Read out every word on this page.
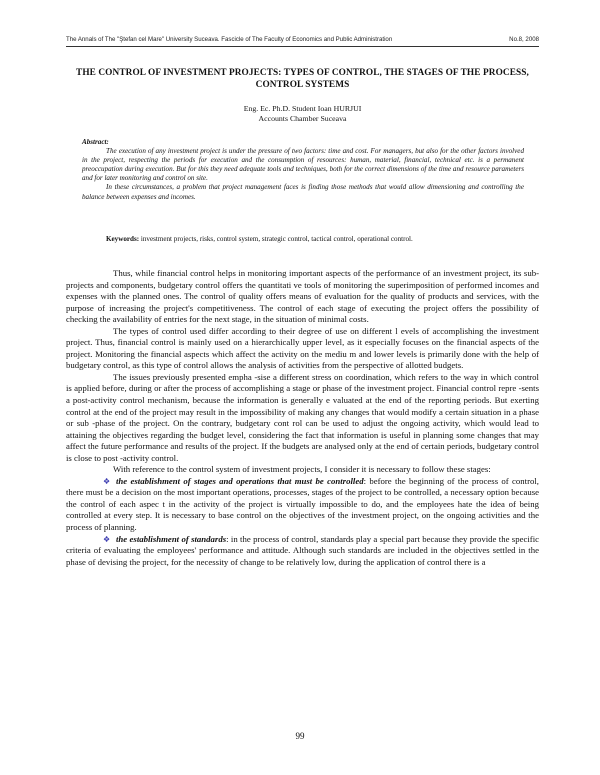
The Annals of The "Ştefan cel Mare" University Suceava. Fascicle of The Faculty of Economics and Public Administration	No.8, 2008
THE CONTROL OF INVESTMENT PROJECTS: TYPES OF CONTROL, THE STAGES OF THE PROCESS, CONTROL SYSTEMS
Eng. Ec. Ph.D. Student Ioan HURJUI
Accounts Chamber Suceava
Abstract:

The execution of any investment project is under the pressure of two factors: time and cost. For managers, but also for the other factors involved in the project, respecting the periods for execution and the consumption of resources: human, material, financial, technical etc. is a permanent preoccupation during execution. But for this they need adequate tools and techniques, both for the correct dimensions of the time and resource parameters and for later monitoring and control on site.

In these circumstances, a problem that project management faces is finding those methods that would allow dimensioning and controlling the balance between expenses and incomes.

Keywords: investment projects, risks, control system, strategic control, tactical control, operational control.

Thus, while financial control helps in monitoring important aspects of the performance of an investment project, its sub-projects and components, budgetary control offers the quantitati ve tools of monitoring the superimposition of performed incomes and expenses with the planned ones. The control of quality offers means of evaluation for the quality of products and services, with the purpose of increasing the project's competitiveness. The control of each stage of executing the project offers the possibility of checking the availability of entries for the next stage, in the situation of minimal costs.

The types of control used differ according to their degree of use on different l evels of accomplishing the investment project. Thus, financial control is mainly used on a hierarchically upper level, as it especially focuses on the financial aspects of the project. Monitoring the financial aspects which affect the activity on the mediu m and lower levels is primarily done with the help of budgetary control, as this type of control allows the analysis of activities from the perspective of allotted budgets.

The issues previously presented empha -sise a different stress on coordination, which refers to the way in which control is applied before, during or after the process of accomplishing a stage or phase of the investment project. Financial control repre -sents a post-activity control mechanism, because the information is generally e valuated at the end of the reporting periods. But exerting control at the end of the project may result in the impossibility of making any changes that would modify a certain situation in a phase or sub -phase of the project. On the contrary, budgetary cont rol can be used to adjust the ongoing activity, which would lead to attaining the objectives regarding the budget level, considering the fact that information is useful in planning some changes that may affect the future performance and results of the project. If the budgets are analysed only at the end of certain periods, budgetary control is close to post -activity control.

With reference to the control system of investment projects, I consider it is necessary to follow these stages:

❖ the establishment of stages and operations that must be controlled: before the beginning of the process of control, there must be a decision on the most important operations, processes, stages of the project to be controlled, a necessary option because the control of each aspec t in the activity of the project is virtually impossible to do, and the employees hate the idea of being controlled at every step. It is necessary to base control on the objectives of the investment project, on the ongoing activities and the process of planning.

❖ the establishment of standards: in the process of control, standards play a special part because they provide the specific criteria of evaluating the employees' performance and attitude. Although such standards are included in the objectives settled in the phase of devising the project, for the necessity of change to be relatively low, during the application of control there is a

99
